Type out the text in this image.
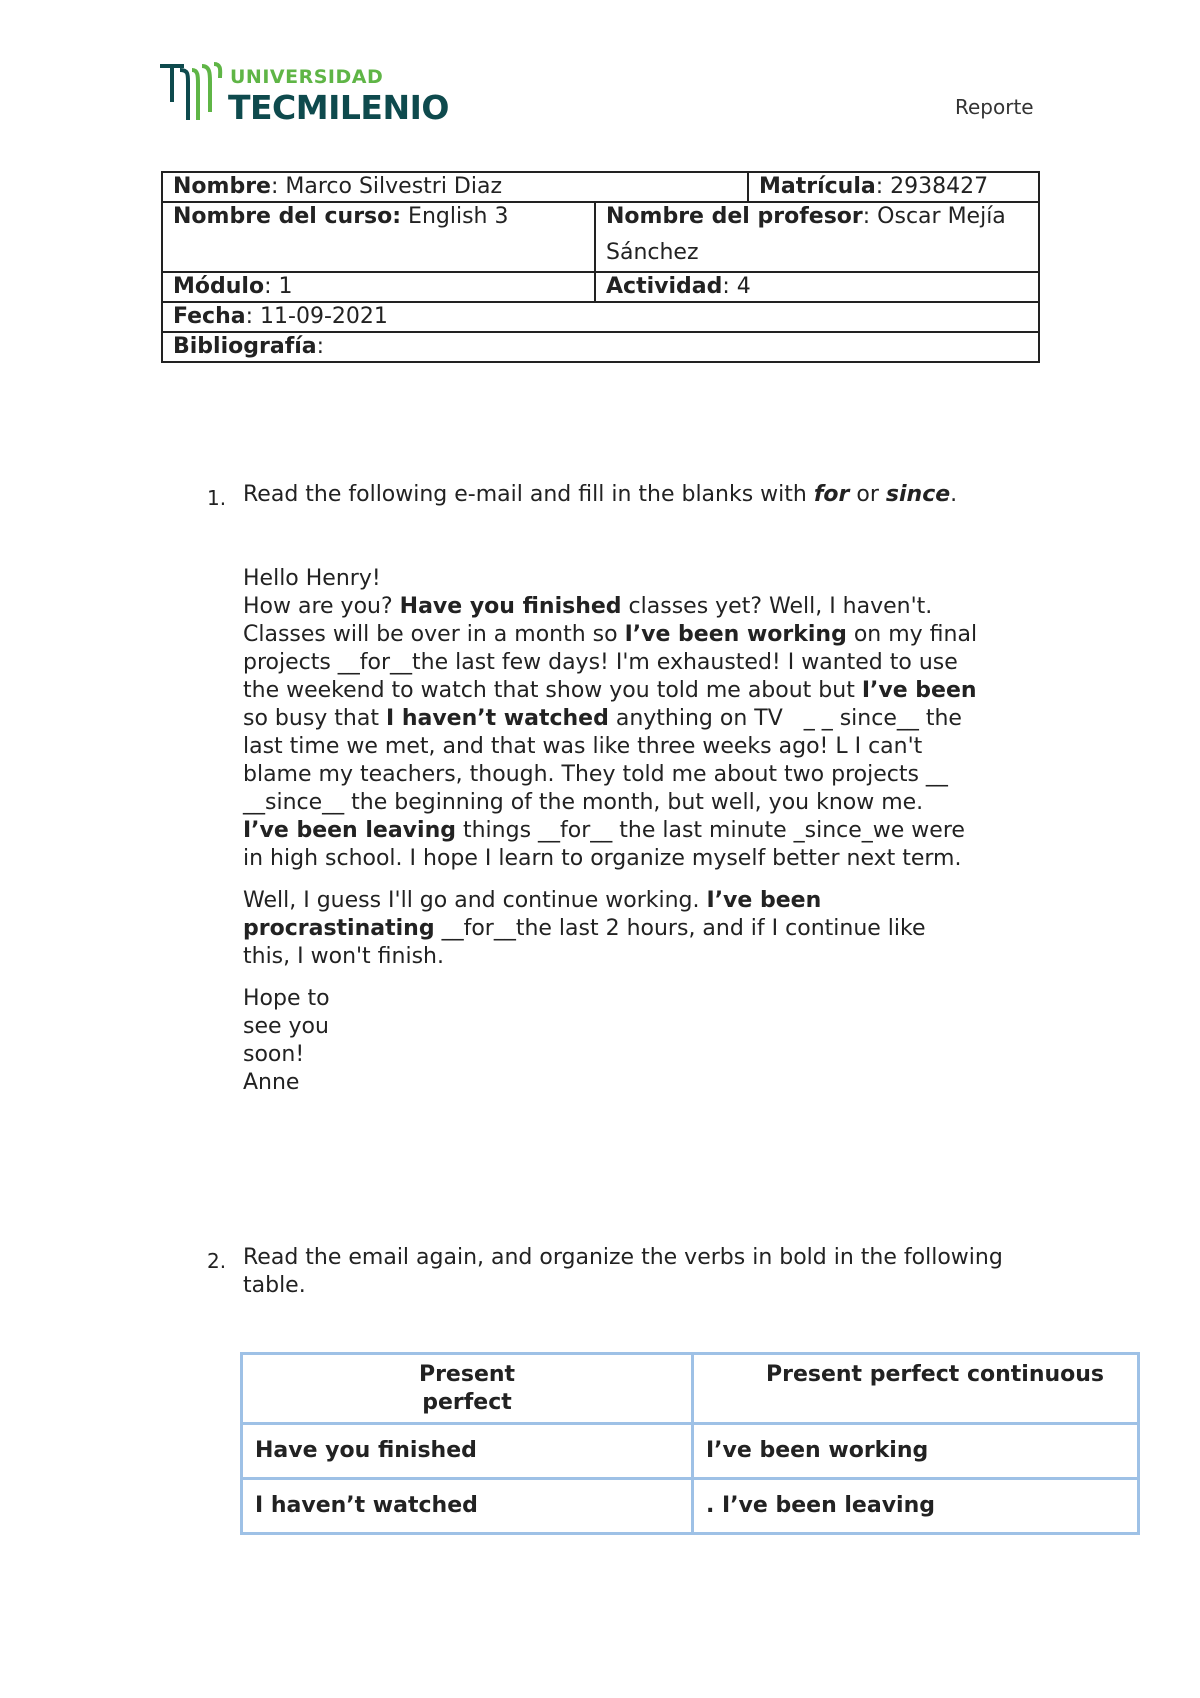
UNIVERSIDAD
TECMILENIO	Reporte
Nombre: Marco Silvestri Diaz	Matrícula: 2938427
Nombre del curso: English 3	Nombre del profesor: Oscar Mejía
Sánchez
Módulo: 1	Actividad: 4
Fecha: 11-09-2021
Bibliografía:
1. Read the following e-mail and fill in the blanks with for or since.
Hello Henry!
How are you? Have you finished classes yet? Well, I haven't.
Classes will be over in a month so I’ve been working on my final
projects __for__the last few days! I'm exhausted! I wanted to use
the weekend to watch that show you told me about but I’ve been
so busy that I haven’t watched anything on TV   _ _ since__ the
last time we met, and that was like three weeks ago! L I can't
blame my teachers, though. They told me about two projects __
__since__ the beginning of the month, but well, you know me.
I’ve been leaving things __for__ the last minute _since_we were
in high school. I hope I learn to organize myself better next term.
Well, I guess I'll go and continue working. I’ve been
procrastinating __for__the last 2 hours, and if I continue like
this, I won't finish.
Hope to
see you
soon!
Anne
2. Read the email again, and organize the verbs in bold in the following
table.
Present
perfect	Present perfect continuous
Have you finished	I’ve been working
I haven’t watched	. I’ve been leaving
